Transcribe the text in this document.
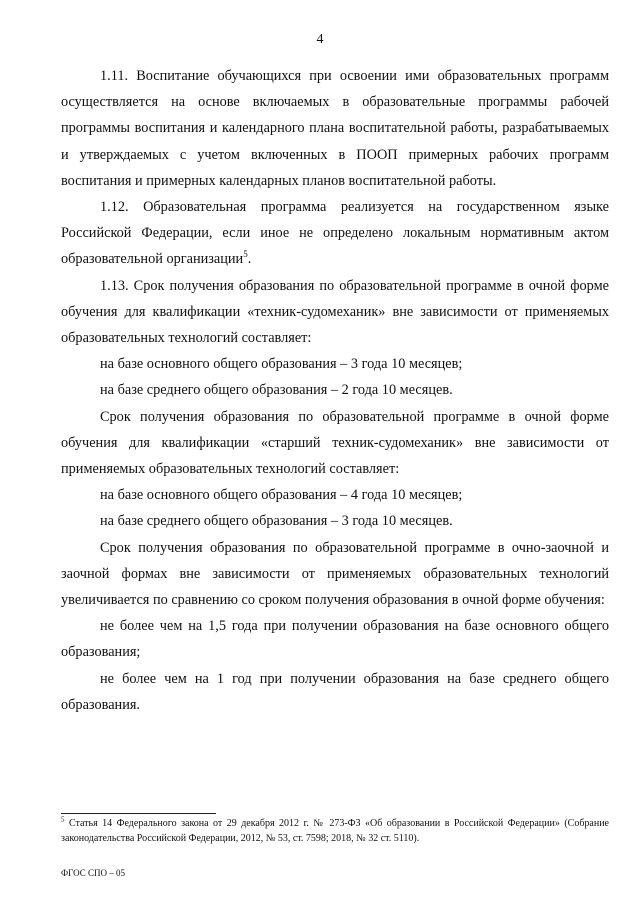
4

1.11. Воспитание обучающихся при освоении ими образовательных программ осуществляется на основе включаемых в образовательные программы рабочей программы воспитания и календарного плана воспитательной работы, разрабатываемых и утверждаемых с учетом включенных в ПООП примерных рабочих программ воспитания и примерных календарных планов воспитательной работы.

1.12. Образовательная программа реализуется на государственном языке Российской Федерации, если иное не определено локальным нормативным актом образовательной организации$^5$.

1.13. Срок получения образования по образовательной программе в очной форме обучения для квалификации «техник-судомеханик» вне зависимости от применяемых образовательных технологий составляет:

на базе основного общего образования – 3 года 10 месяцев;

на базе среднего общего образования – 2 года 10 месяцев.

Срок получения образования по образовательной программе в очной форме обучения для квалификации «старший техник-судомеханик» вне зависимости от применяемых образовательных технологий составляет:

на базе основного общего образования – 4 года 10 месяцев;

на базе среднего общего образования – 3 года 10 месяцев.

Срок получения образования по образовательной программе в очно-заочной и заочной формах вне зависимости от применяемых образовательных технологий увеличивается по сравнению со сроком получения образования в очной форме обучения:

не более чем на 1,5 года при получении образования на базе основного общего образования;

не более чем на 1 год при получении образования на базе среднего общего образования.

$^5$ Статья 14 Федерального закона от 29 декабря 2012 г. № 273-ФЗ «Об образовании в Российской Федерации» (Собрание законодательства Российской Федерации, 2012, № 53, ст. 7598; 2018, № 32 ст. 5110).
ФГОС СПО – 05
